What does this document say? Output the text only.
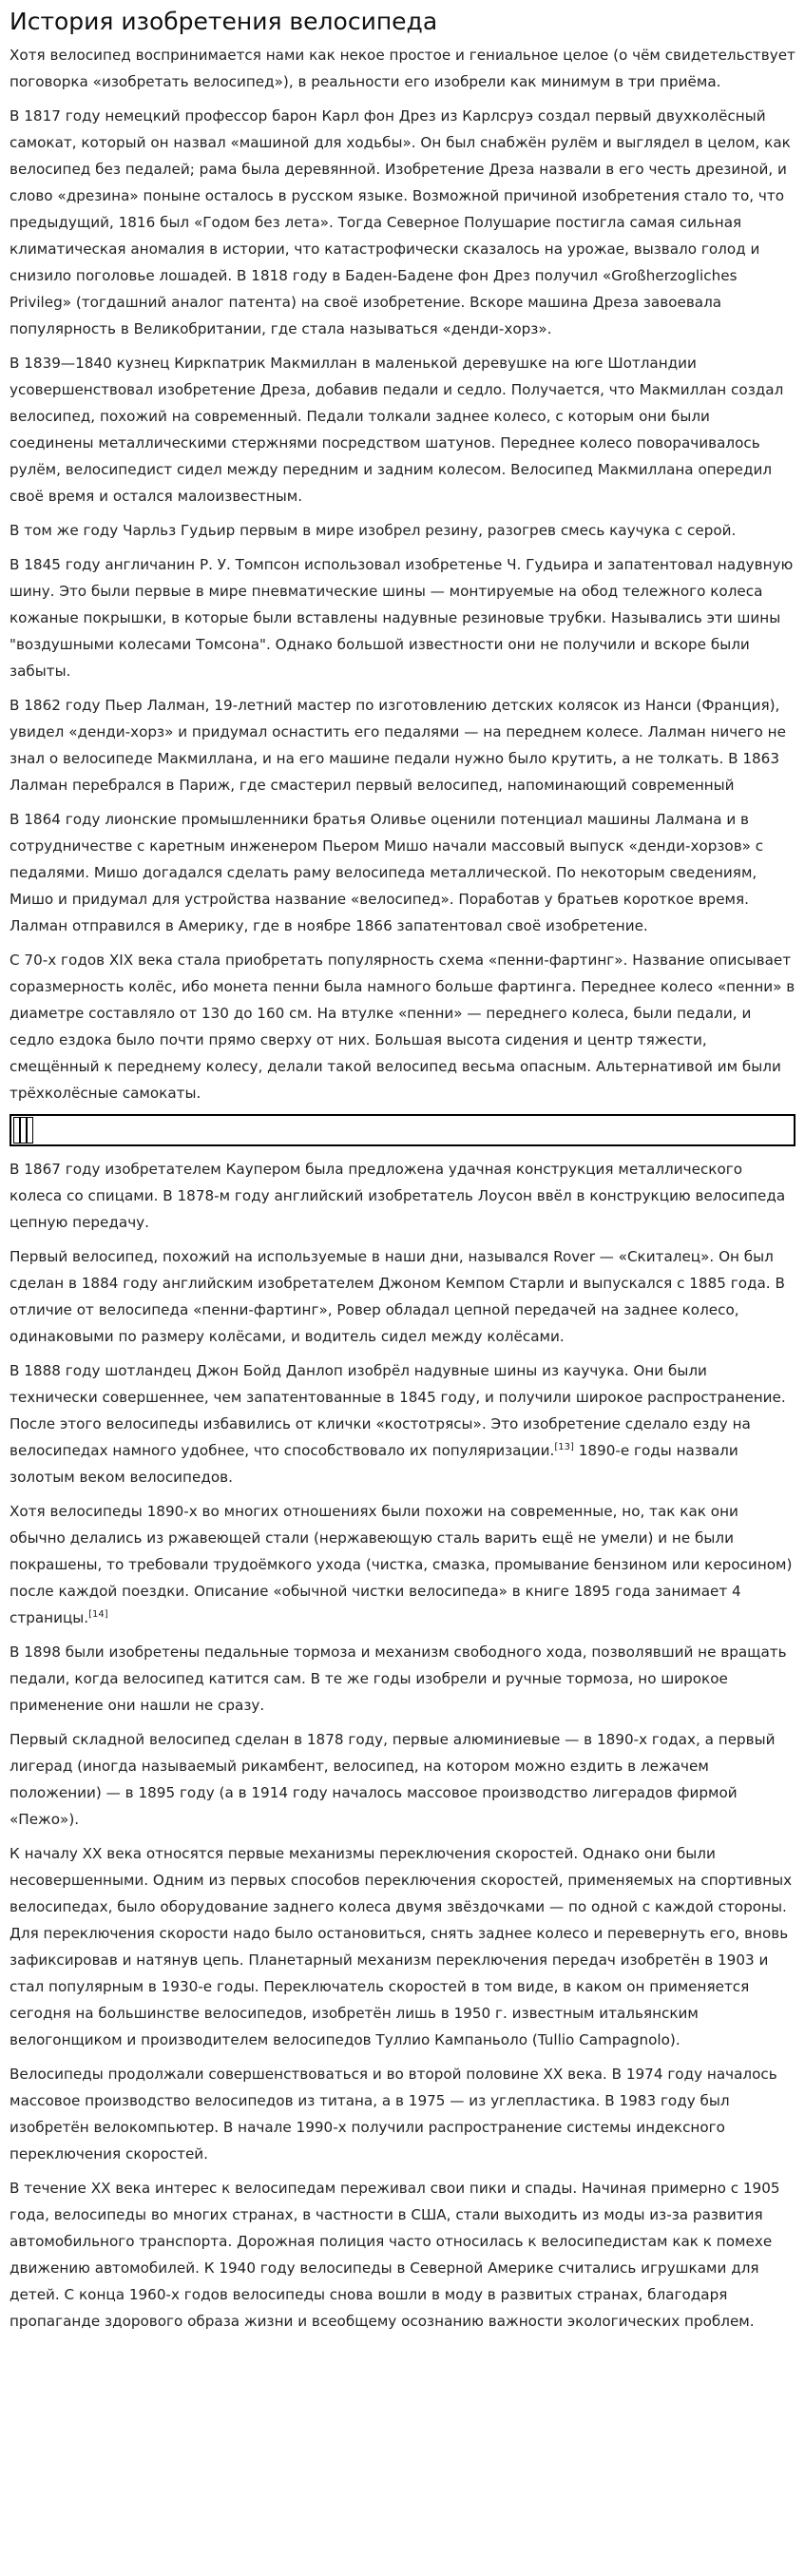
История изобретения велосипеда

Хотя велосипед воспринимается нами как некое простое и гениальное целое (о чём свидетельствует поговорка «изобретать велосипед»), в реальности его изобрели как минимум в три приёма.

В 1817 году немецкий профессор барон Карл фон Дрез из Карлсруэ создал первый двухколёсный самокат, который он назвал «машиной для ходьбы». Он был снабжён рулём и выглядел в целом, как велосипед без педалей; рама была деревянной. Изобретение Дреза назвали в его честь дрезиной, и слово «дрезина» поныне осталось в русском языке. Возможной причиной изобретения стало то, что предыдущий, 1816 был «Годом без лета». Тогда Северное Полушарие постигла самая сильная климатическая аномалия в истории, что катастрофически сказалось на урожае, вызвало голод и снизило поголовье лошадей. В 1818 году в Баден-Бадене фон Дрез получил «Großherzogliches Privileg» (тогдашний аналог патента) на своё изобретение. Вскоре машина Дреза завоевала популярность в Великобритании, где стала называться «денди-хорз».

В 1839—1840 кузнец Киркпатрик Макмиллан в маленькой деревушке на юге Шотландии усовершенствовал изобретение Дреза, добавив педали и седло. Получается, что Макмиллан создал велосипед, похожий на современный. Педали толкали заднее колесо, с которым они были соединены металлическими стержнями посредством шатунов. Переднее колесо поворачивалось рулём, велосипедист сидел между передним и задним колесом. Велосипед Макмиллана опередил своё время и остался малоизвестным.

В том же году Чарльз Гудьир первым в мире изобрел резину, разогрев смесь каучука с серой.

В 1845 году англичанин Р. У. Томпсон использовал изобретенье Ч. Гудьира и запатентовал надувную шину. Это были первые в мире пневматические шины — монтируемые на обод тележного колеса кожаные покрышки, в которые были вставлены надувные резиновые трубки. Назывались эти шины "воздушными колесами Томсона". Однако большой известности они не получили и вскоре были забыты.

В 1862 году Пьер Лалман, 19-летний мастер по изготовлению детских колясок из Нанси (Франция), увидел «денди-хорз» и придумал оснастить его педалями — на переднем колесе. Лалман ничего не знал о велосипеде Макмиллана, и на его машине педали нужно было крутить, а не толкать. В 1863 Лалман перебрался в Париж, где смастерил первый велосипед, напоминающий современный

В 1864 году лионские промышленники братья Оливье оценили потенциал машины Лалмана и в сотрудничестве с каретным инженером Пьером Мишо начали массовый выпуск «денди-хорзов» с педалями. Мишо догадался сделать раму велосипеда металлической. По некоторым сведениям, Мишо и придумал для устройства название «велосипед». Поработав у братьев короткое время. Лалман отправился в Америку, где в ноябре 1866 запатентовал своё изобретение.

С 70-х годов XIX века стала приобретать популярность схема «пенни-фартинг». Название описывает соразмерность колёс, ибо монета пенни была намного больше фартинга. Переднее колесо «пенни» в диаметре составляло от 130 до 160 см. На втулке «пенни» — переднего колеса, были педали, и седло ездока было почти прямо сверху от них. Большая высота сидения и центр тяжести, смещённый к переднему колесу, делали такой велосипед весьма опасным. Альтернативой им были трёхколёсные самокаты.

В 1867 году изобретателем Каупером была предложена удачная конструкция металлического колеса со спицами. В 1878-м году английский изобретатель Лоусон ввёл в конструкцию велосипеда цепную передачу.

Первый велосипед, похожий на используемые в наши дни, назывался Rover — «Скиталец». Он был сделан в 1884 году английским изобретателем Джоном Кемпом Старли и выпускался с 1885 года. В отличие от велосипеда «пенни-фартинг», Ровер обладал цепной передачей на заднее колесо, одинаковыми по размеру колёсами, и водитель сидел между колёсами.

В 1888 году шотландец Джон Бойд Данлоп изобрёл надувные шины из каучука. Они были технически совершеннее, чем запатентованные в 1845 году, и получили широкое распространение. После этого велосипеды избавились от клички «костотрясы». Это изобретение сделало езду на велосипедах намного удобнее, что способствовало их популяризации.[13] 1890-е годы назвали золотым веком велосипедов.

Хотя велосипеды 1890-х во многих отношениях были похожи на современные, но, так как они обычно делались из ржавеющей стали (нержавеющую сталь варить ещё не умели) и не были покрашены, то требовали трудоёмкого ухода (чистка, смазка, промывание бензином или керосином) после каждой поездки. Описание «обычной чистки велосипеда» в книге 1895 года занимает 4 страницы.[14]

В 1898 были изобретены педальные тормоза и механизм свободного хода, позволявший не вращать педали, когда велосипед катится сам. В те же годы изобрели и ручные тормоза, но широкое применение они нашли не сразу.

Первый складной велосипед сделан в 1878 году, первые алюминиевые — в 1890-х годах, а первый лигерад (иногда называемый рикамбент, велосипед, на котором можно ездить в лежачем положении) — в 1895 году (а в 1914 году началось массовое производство лигерадов фирмой «Пежо»).

К началу XX века относятся первые механизмы переключения скоростей. Однако они были несовершенными. Одним из первых способов переключения скоростей, применяемых на спортивных велосипедах, было оборудование заднего колеса двумя звёздочками — по одной с каждой стороны. Для переключения скорости надо было остановиться, снять заднее колесо и перевернуть его, вновь зафиксировав и натянув цепь. Планетарный механизм переключения передач изобретён в 1903 и стал популярным в 1930-е годы. Переключатель скоростей в том виде, в каком он применяется сегодня на большинстве велосипедов, изобретён лишь в 1950 г. известным итальянским велогонщиком и производителем велосипедов Туллио Кампаньоло (Tullio Campagnolo).

Велосипеды продолжали совершенствоваться и во второй половине XX века. В 1974 году началось массовое производство велосипедов из титана, а в 1975 — из углепластика. В 1983 году был изобретён велокомпьютер. В начале 1990-х получили распространение системы индексного переключения скоростей.

В течение XX века интерес к велосипедам переживал свои пики и спады. Начиная примерно с 1905 года, велосипеды во многих странах, в частности в США, стали выходить из моды из-за развития автомобильного транспорта. Дорожная полиция часто относилась к велосипедистам как к помехе движению автомобилей. К 1940 году велосипеды в Северной Америке считались игрушками для детей. С конца 1960-х годов велосипеды снова вошли в моду в развитых странах, благодаря пропаганде здорового образа жизни и всеобщему осознанию важности экологических проблем.
